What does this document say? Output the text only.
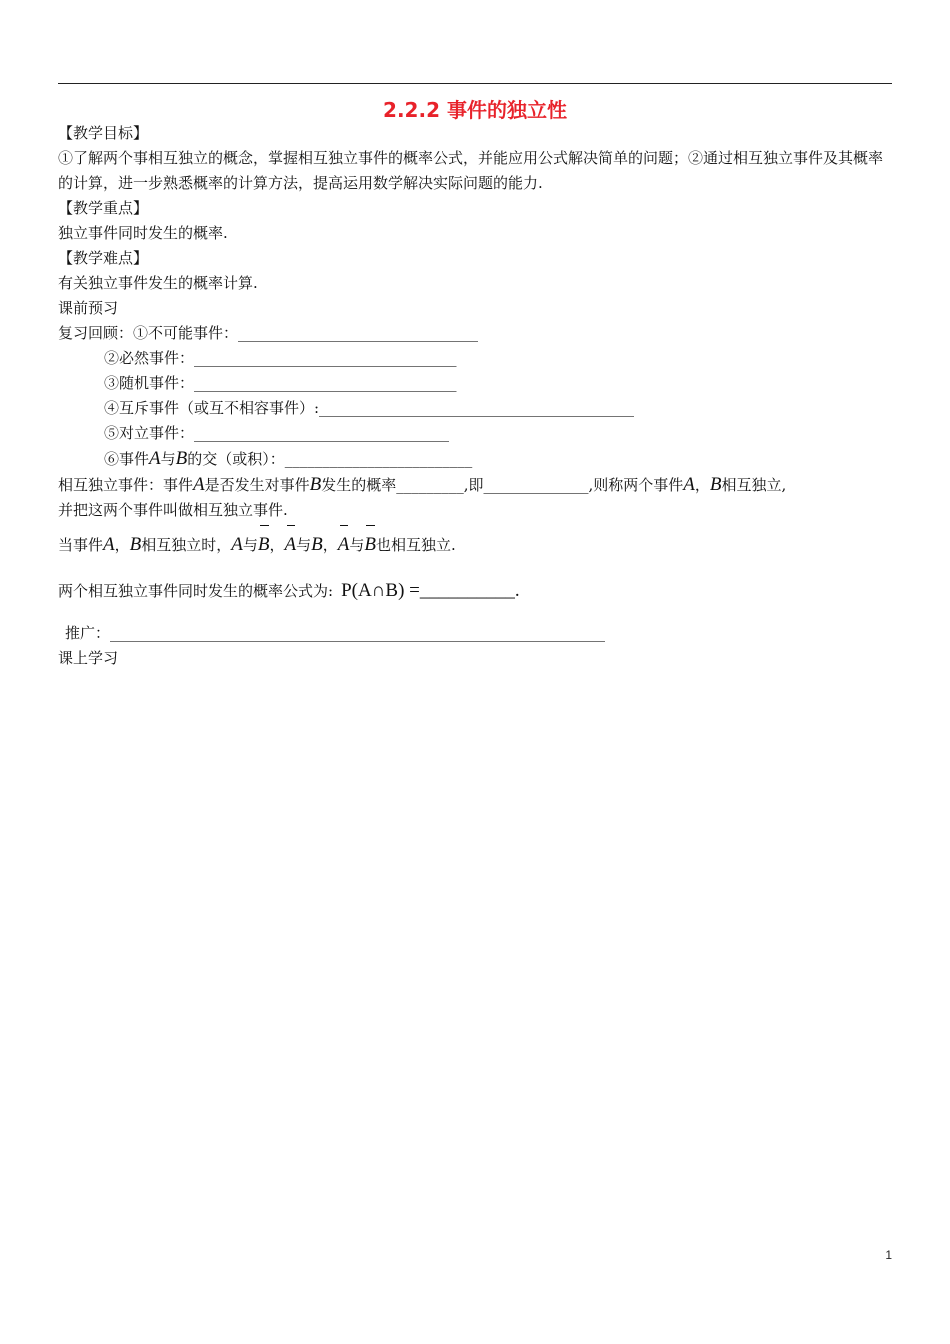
2.2.2 事件的独立性

【教学目标】

①了解两个事相互独立的概念，掌握相互独立事件的概率公式，并能应用公式解决简单的问题；②通过相互独立事件及其概率的计算，进一步熟悉概率的计算方法，提高运用数学解决实际问题的能力.

【教学重点】

独立事件同时发生的概率.

【教学难点】

有关独立事件发生的概率计算.

课前预习

复习回顾：①不可能事件：________________________________

②必然事件：___________________________________

③随机事件：___________________________________

④互斥事件（或互不相容事件）:__________________________________________

⑤对立事件：__________________________________

⑥事件A与B的交（或积）：_________________________

相互独立事件：事件A是否发生对事件B发生的概率_________,即______________,则称两个事件A，B相互独立,

并把这两个事件叫做相互独立事件.

当事件A，B相互独立时，A与B，A与B，A与B也相互独立.

两个相互独立事件同时发生的概率公式为: P(A∩B) =__________.

推广：__________________________________________________________________

课上学习

1
